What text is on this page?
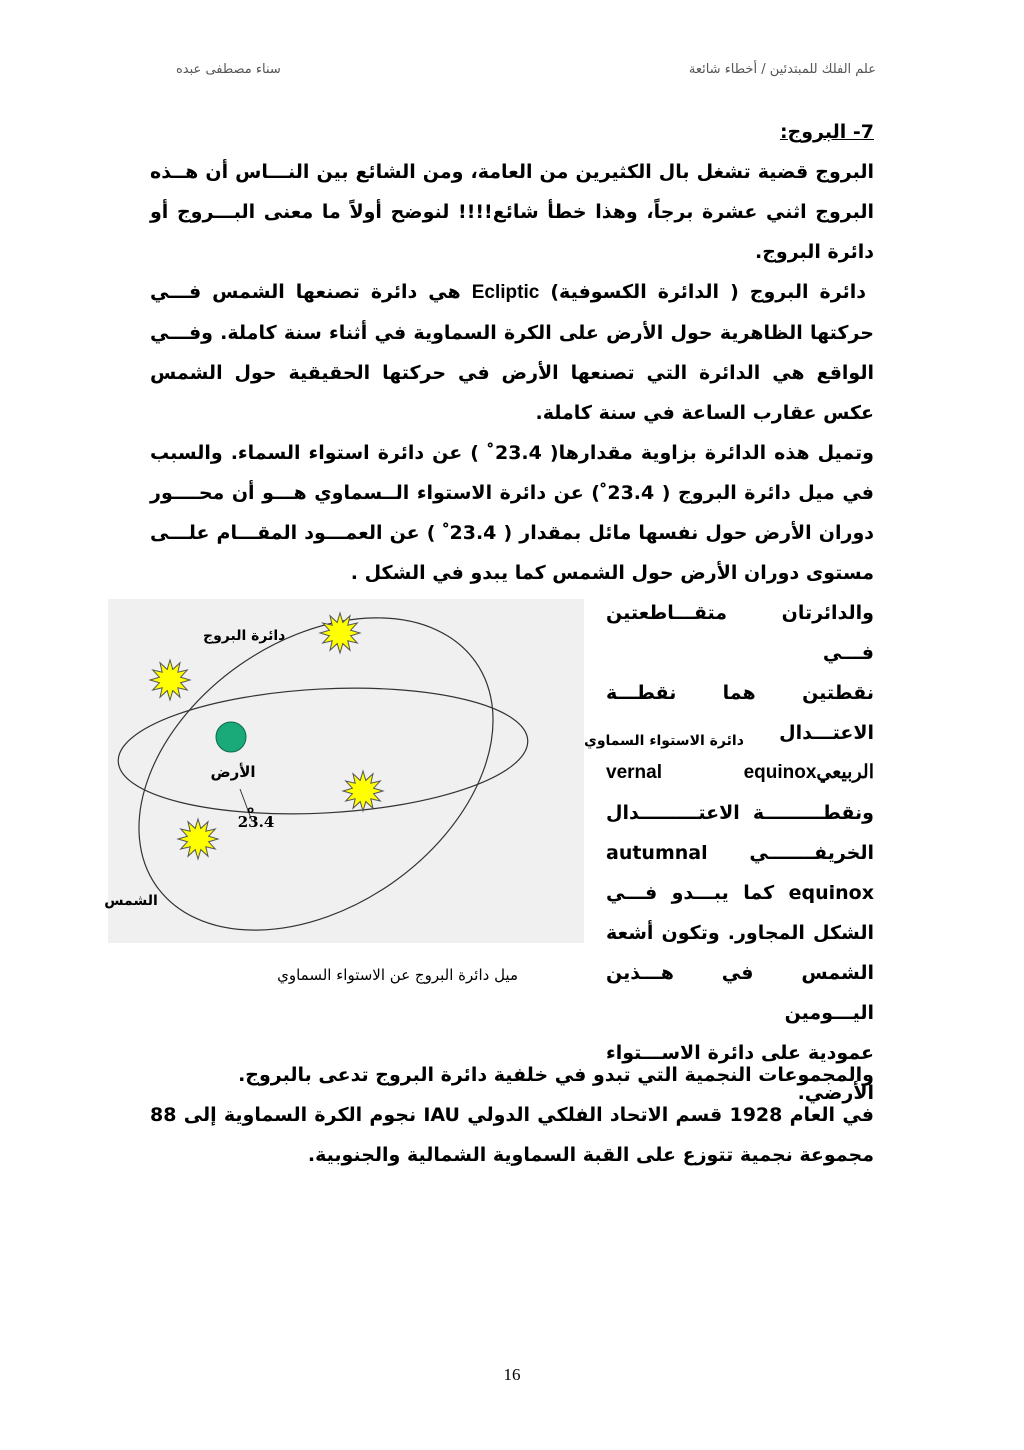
علم الفلك للمبتدئين / أخطاء شائعة
سناء مصطفى عبده

7- البروج:

البروج قضية تشغل بال الكثيرين من العامة، ومن الشائع بين النـــاس أن هــذه البروج اثني عشرة برجاً، وهذا خطأ شائع!!!! لنوضح أولاً ما معنى البـــروج أو دائرة البروج.

دائرة البروج ( الدائرة الكسوفية) Ecliptic هي دائرة تصنعها الشمس فـــي حركتها الظاهرية حول الأرض على الكرة السماوية في أثناء سنة كاملة. وفـــي الواقع هي الدائرة التي تصنعها الأرض في حركتها الحقيقية حول الشمس عكس عقارب الساعة في سنة كاملة.

وتميل هذه الدائرة بزاوية مقدارها( 23.4 ْ ) عن دائرة استواء السماء. والسبب في ميل دائرة البروج ( 23.4 ْ) عن دائرة الاستواء الــسماوي هـــو أن محــــور دوران الأرض حول نفسها مائل بمقدار ( 23.4 ْ ) عن العمـــود المقـــام علـــى مستوى دوران الأرض حول الشمس كما يبدو في الشكل .

والدائرتان متقـــاطعتين فـــي

نقطتين هما نقطـــة الاعتـــدال

الربيعيvernal equinox

ونقطـــــــــة الاعتـــــــــدال

الخريفـــــــي autumnal

equinox كما يبـــدو فـــي

الشكل المجاور. وتكون أشعة

الشمس في هـــذين اليـــومين

عمودية على دائرة الاســـتواء

الأرضي.

دائرة البروج
دائرة الاستواء السماوي
الأرض
23.4
o
الشمس
ميل دائرة البروج عن الاستواء السماوي

والمجموعات النجمية التي تبدو في خلفية دائرة البروج تدعى بالبروج.

في العام 1928 قسم الاتحاد الفلكي الدولي IAU نجوم الكرة السماوية إلى 88 مجموعة نجمية تتوزع على القبة السماوية الشمالية والجنوبية.

16
